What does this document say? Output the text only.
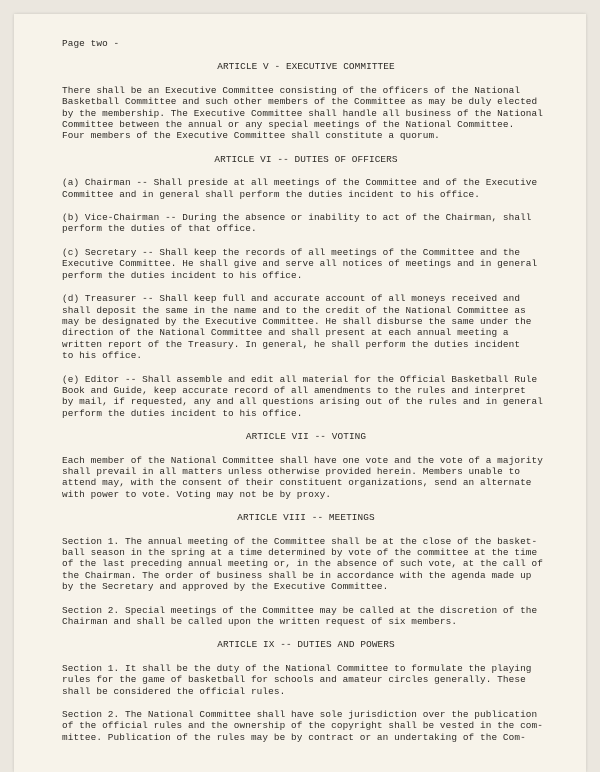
Page two -
ARTICLE V - EXECUTIVE COMMITTEE
There shall be an Executive Committee consisting of the officers of the National
Basketball Committee and such other members of the Committee as may be duly elected
by the membership. The Executive Committee shall handle all business of the National
Committee between the annual or any special meetings of the National Committee.
Four members of the Executive Committee shall constitute a quorum.
ARTICLE VI -- DUTIES OF OFFICERS
(a) Chairman -- Shall preside at all meetings of the Committee and of the Executive
Committee and in general shall perform the duties incident to his office.
(b) Vice-Chairman -- During the absence or inability to act of the Chairman, shall
perform the duties of that office.
(c) Secretary -- Shall keep the records of all meetings of the Committee and the
Executive Committee. He shall give and serve all notices of meetings and in general
perform the duties incident to his office.
(d) Treasurer -- Shall keep full and accurate account of all moneys received and
shall deposit the same in the name and to the credit of the National Committee as
may be designated by the Executive Committee. He shall disburse the same under the
direction of the National Committee and shall present at each annual meeting a
written report of the Treasury. In general, he shall perform the duties incident
to his office.
(e) Editor -- Shall assemble and edit all material for the Official Basketball Rule
Book and Guide, keep accurate record of all amendments to the rules and interpret
by mail, if requested, any and all questions arising out of the rules and in general
perform the duties incident to his office.
ARTICLE VII -- VOTING
Each member of the National Committee shall have one vote and the vote of a majority
shall prevail in all matters unless otherwise provided herein. Members unable to
attend may, with the consent of their constituent organizations, send an alternate
with power to vote. Voting may not be by proxy.
ARTICLE VIII -- MEETINGS
Section 1. The annual meeting of the Committee shall be at the close of the basket-
ball season in the spring at a time determined by vote of the committee at the time
of the last preceding annual meeting or, in the absence of such vote, at the call of
the Chairman. The order of business shall be in accordance with the agenda made up
by the Secretary and approved by the Executive Committee.
Section 2. Special meetings of the Committee may be called at the discretion of the
Chairman and shall be called upon the written request of six members.
ARTICLE IX -- DUTIES AND POWERS
Section 1. It shall be the duty of the National Committee to formulate the playing
rules for the game of basketball for schools and amateur circles generally. These
shall be considered the official rules.
Section 2. The National Committee shall have sole jurisdiction over the publication
of the official rules and the ownership of the copyright shall be vested in the com-
mittee. Publication of the rules may be by contract or an undertaking of the Com-
